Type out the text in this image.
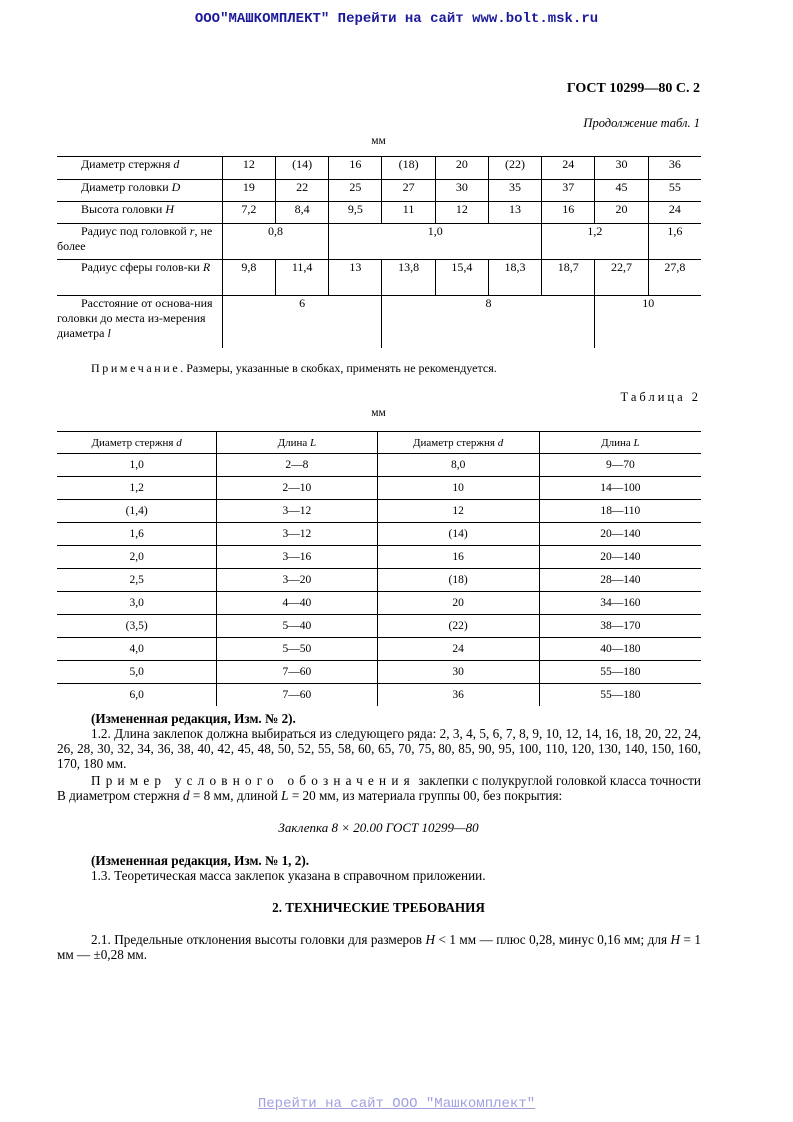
ООО"МАШКОМПЛЕКТ" Перейти на сайт www.bolt.msk.ru
ГОСТ 10299—80 С. 2
Продолжение табл. 1
мм
Диаметр стержня d	12	(14)	16	(18)	20	(22)	24	30	36
Диаметр головки D	19	22	25	27	30	35	37	45	55
Высота головки H	7,2	8,4	9,5	11	12	13	16	20	24
Радиус под головкой r, не более	0,8		1,0				1,2		1,6
Радиус сферы голов-ки R	9,8	11,4	13	13,8	15,4	18,3	18,7	22,7	27,8
Расстояние от основа-ния головки до места из-мерения диаметра l	6			8				10	
Примечание. Размеры, указанные в скобках, применять не рекомендуется.
Таблица 2
мм
Диаметр стержня d	Длина L	Диаметр стержня d	Длина L
1,0	2—8	8,0	9—70
1,2	2—10	10	14—100
(1,4)	3—12	12	18—110
1,6	3—12	(14)	20—140
2,0	3—16	16	20—140
2,5	3—20	(18)	28—140
3,0	4—40	20	34—160
(3,5)	5—40	(22)	38—170
4,0	5—50	24	40—180
5,0	7—60	30	55—180
6,0	7—60	36	55—180
(Измененная редакция, Изм. № 2).
1.2. Длина заклепок должна выбираться из следующего ряда: 2, 3, 4, 5, 6, 7, 8, 9, 10, 12, 14, 16, 18, 20, 22, 24, 26, 28, 30, 32, 34, 36, 38, 40, 42, 45, 48, 50, 52, 55, 58, 60, 65, 70, 75, 80, 85, 90, 95, 100, 110, 120, 130, 140, 150, 160, 170, 180 мм.
Пример условного обозначения заклепки с полукруглой головкой класса точности В диаметром стержня d = 8 мм, длиной L = 20 мм, из материала группы 00, без покрытия:
Заклепка 8 × 20.00 ГОСТ 10299—80
(Измененная редакция, Изм. № 1, 2).
1.3. Теоретическая масса заклепок указана в справочном приложении.
2. ТЕХНИЧЕСКИЕ ТРЕБОВАНИЯ
2.1. Предельные отклонения высоты головки для размеров H < 1 мм — плюс 0,28, минус 0,16 мм; для H = 1 мм — ±0,28 мм.
Перейти на сайт ООО "Машкомплект"
